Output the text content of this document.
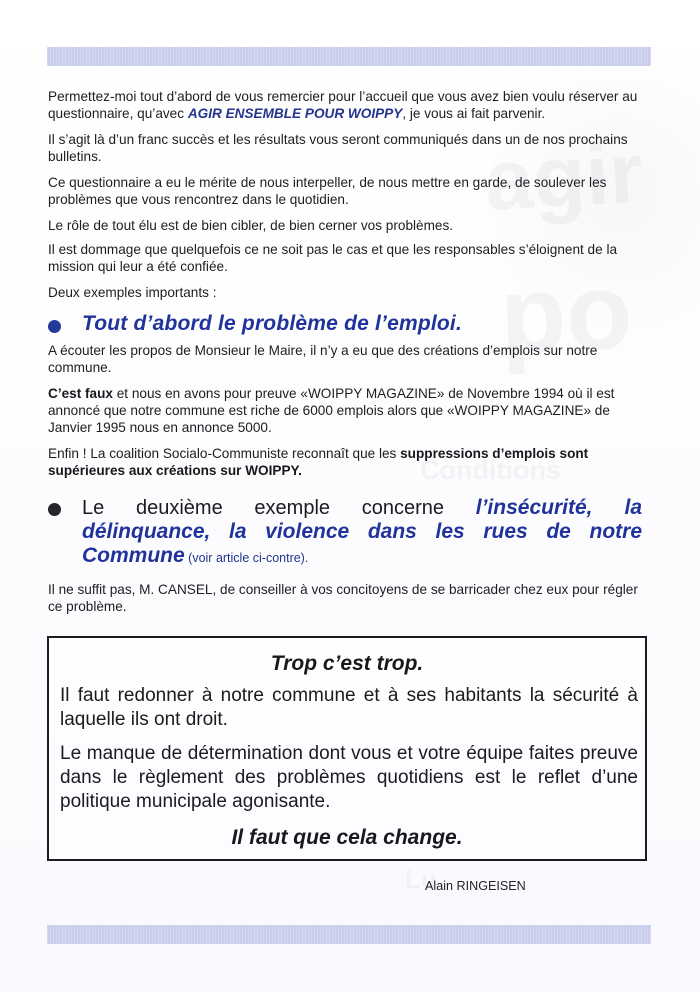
agir
po
Conditions
Lu

Permettez-moi tout d’abord de vous remercier pour l’accueil que vous avez bien voulu réserver au questionnaire, qu’avec AGIR ENSEMBLE POUR WOIPPY, je vous ai fait parvenir.

Il s’agit là d’un franc succès et les résultats vous seront communiqués dans un de nos prochains bulletins.
Ce questionnaire a eu le mérite de nous interpeller, de nous mettre en garde, de soulever les problèmes que vous rencontrez dans le quotidien.
Le rôle de tout élu est de bien cibler, de bien cerner vos problèmes.
Il est dommage que quelquefois ce ne soit pas le cas et que les responsables s’éloignent de la mission qui leur a été confiée.
Deux exemples importants :
Tout d’abord le problème de l’emploi.
A écouter les propos de Monsieur le Maire, il n’y a eu que des créations d’emplois sur notre commune.

C’est faux et nous en avons pour preuve «WOIPPY MAGAZINE» de Novembre 1994 où il est annoncé que notre commune est riche de 6000 emplois alors que «WOIPPY MAGAZINE» de Janvier 1995 nous en annonce 5000.

Enfin ! La coalition Socialo-Communiste reconnaît que les suppressions d’emplois sont supérieures aux créations sur WOIPPY.

Le deuxième exemple concerne l’insécurité, la délinquance, la violence dans les rues de notre Commune (voir article ci-contre).
Il ne suffit pas, M. CANSEL, de conseiller à vos concitoyens de se barricader chez eux pour régler ce problème.
Trop c’est trop.
Il faut redonner à notre commune et à ses habitants la sécurité à laquelle ils ont droit.
Le manque de détermination dont vous et votre équipe faites preuve dans le règlement des problèmes quotidiens est le reflet d’une politique municipale agonisante.
Il faut que cela change.
Alain RINGEISEN
